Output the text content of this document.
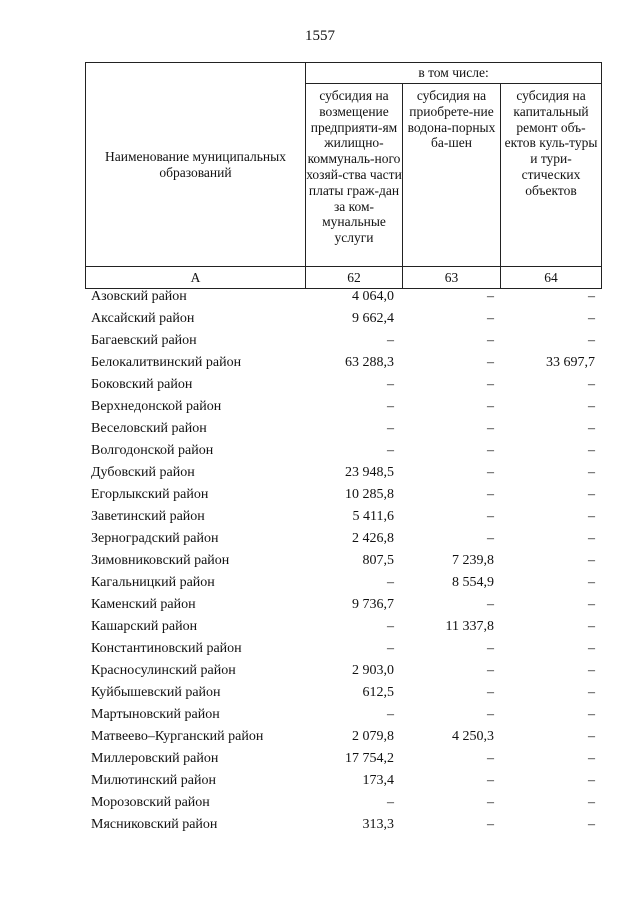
1557
Наименование муниципальных образований	в том числе:		
	субсидия на возмещение предприяти-ям жилищно-коммуналь-ного хозяй-ства части платы граж-дан за ком-мунальные услуги	субсидия на приобрете-ние водона-порных ба-шен	субсидия на капитальный ремонт объ-ектов куль-туры и тури-стических объектов
А	62	63	64
Азовский район	4 064,0	–	–
Аксайский район	9 662,4	–	–
Багаевский район	–	–	–
Белокалитвинский район	63 288,3	–	33 697,7
Боковский район	–	–	–
Верхнедонской район	–	–	–
Веселовский район	–	–	–
Волгодонской район	–	–	–
Дубовский район	23 948,5	–	–
Егорлыкский район	10 285,8	–	–
Заветинский район	5 411,6	–	–
Зерноградский район	2 426,8	–	–
Зимовниковский район	807,5	7 239,8	–
Кагальницкий район	–	8 554,9	–
Каменский район	9 736,7	–	–
Кашарский район	–	11 337,8	–
Константиновский район	–	–	–
Красносулинский район	2 903,0	–	–
Куйбышевский район	612,5	–	–
Мартыновский район	–	–	–
Матвеево–Курганский район	2 079,8	4 250,3	–
Миллеровский район	17 754,2	–	–
Милютинский район	173,4	–	–
Морозовский район	–	–	–
Мясниковский район	313,3	–	–
